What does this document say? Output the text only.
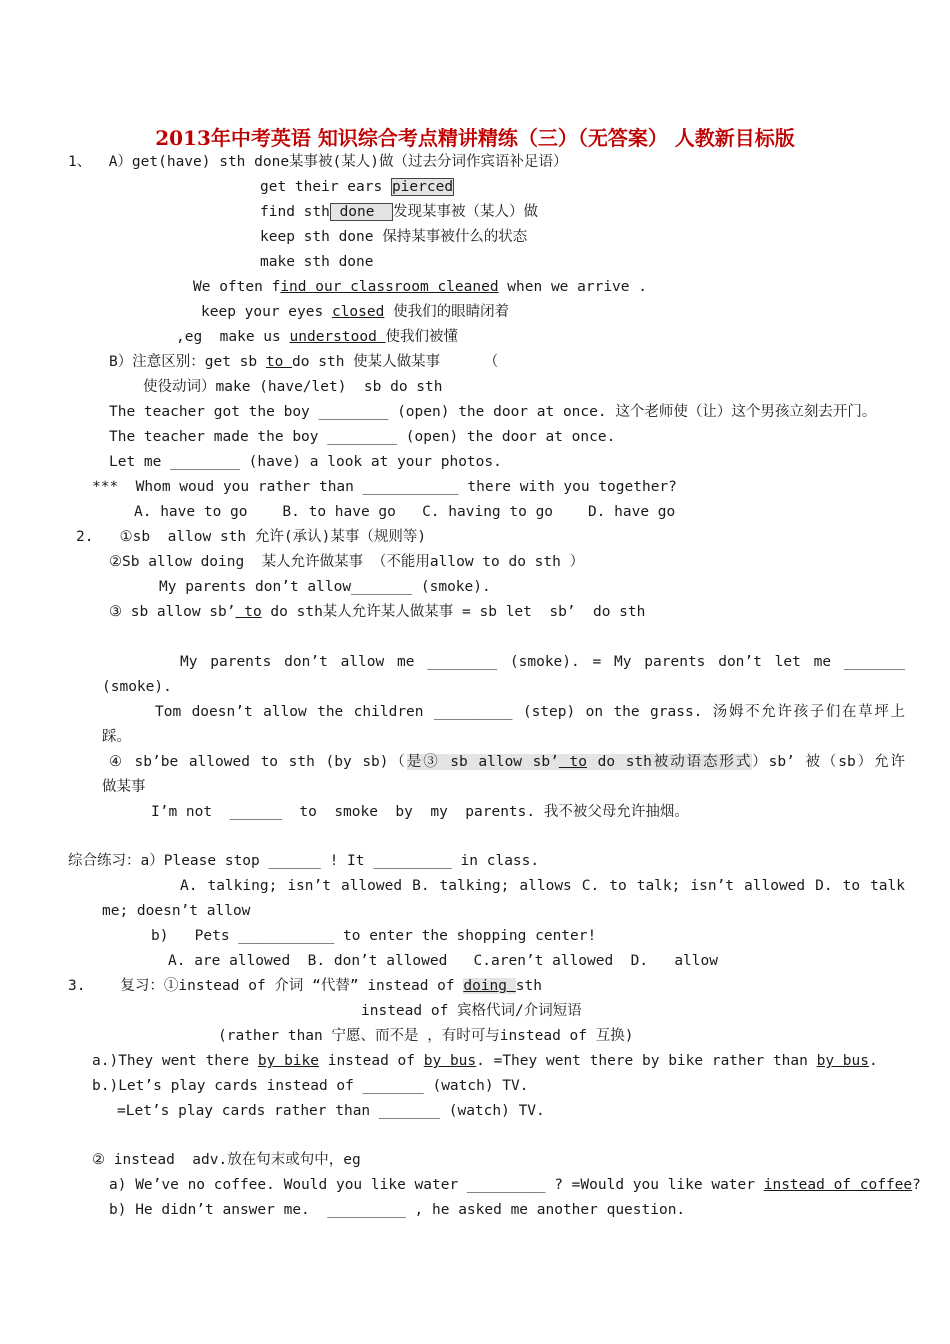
2013年中考英语 知识综合考点精讲精练（三）（无答案） 人教新目标版
1、  A）get(have) sth done某事被(某人)做（过去分词作宾语补足语）
get their ears pierced
find sth done  发现某事被（某人）做
keep sth done 保持某事被什么的状态
make sth done
We often find our classroom cleaned when we arrive .
keep your eyes closed 使我们的眼睛闭着
,eg  make us understood 使我们被懂
B）注意区别：get sb to do sth 使某人做某事     （
使役动词）make (have/let)  sb do sth
The teacher got the boy ________ (open) the door at once. 这个老师使（让）这个男孩立刻去开门。
The teacher made the boy ________ (open) the door at once.
Let me ________ (have) a look at your photos.
***  Whom woud you rather than ___________ there with you together?
A. have to go    B. to have go   C. having to go    D. have go
2.   ①sb  allow sth 允许(承认)某事（规则等)
②Sb allow doing  某人允许做某事 （不能用allow to do sth ）
My parents don’t allow_______ (smoke).
③ sb allow sb’ to do sth某人允许某人做某事 = sb let  sb’  do sth
My parents don’t allow me ________ (smoke). = My parents don’t let me _______
(smoke).
Tom doesn’t allow the children _________ (step) on the grass. 汤姆不允许孩子们在草坪上
踩。
④ sb’be allowed to sth (by sb)（是③ sb allow sb’ to do sth被动语态形式）sb’ 被（sb）允许
做某事
I’m not  ______  to  smoke  by  my  parents. 我不被父母允许抽烟。
综合练习：a）Please stop ______ ! It _________ in class.
A. talking; isn’t allowed B. talking; allows C. to talk; isn’t allowed D. to talk
me; doesn’t allow
b)   Pets ___________ to enter the shopping center!
A. are allowed  B. don’t allowed   C.aren’t allowed  D.   allow
3.    复习：①instead of 介词 “代替” instead of doing sth
instead of 宾格代词/介词短语
(rather than 宁愿、而不是 ，有时可与instead of 互换)
a.)They went there by bike instead of by bus. =They went there by bike rather than by bus.
b.)Let’s play cards instead of _______ (watch) TV.
=Let’s play cards rather than _______ (watch) TV.
② instead  adv.放在句末或句中，eg
a) We’ve no coffee. Would you like water _________ ? =Would you like water instead of coffee?
b) He didn’t answer me.  _________ , he asked me another question.
